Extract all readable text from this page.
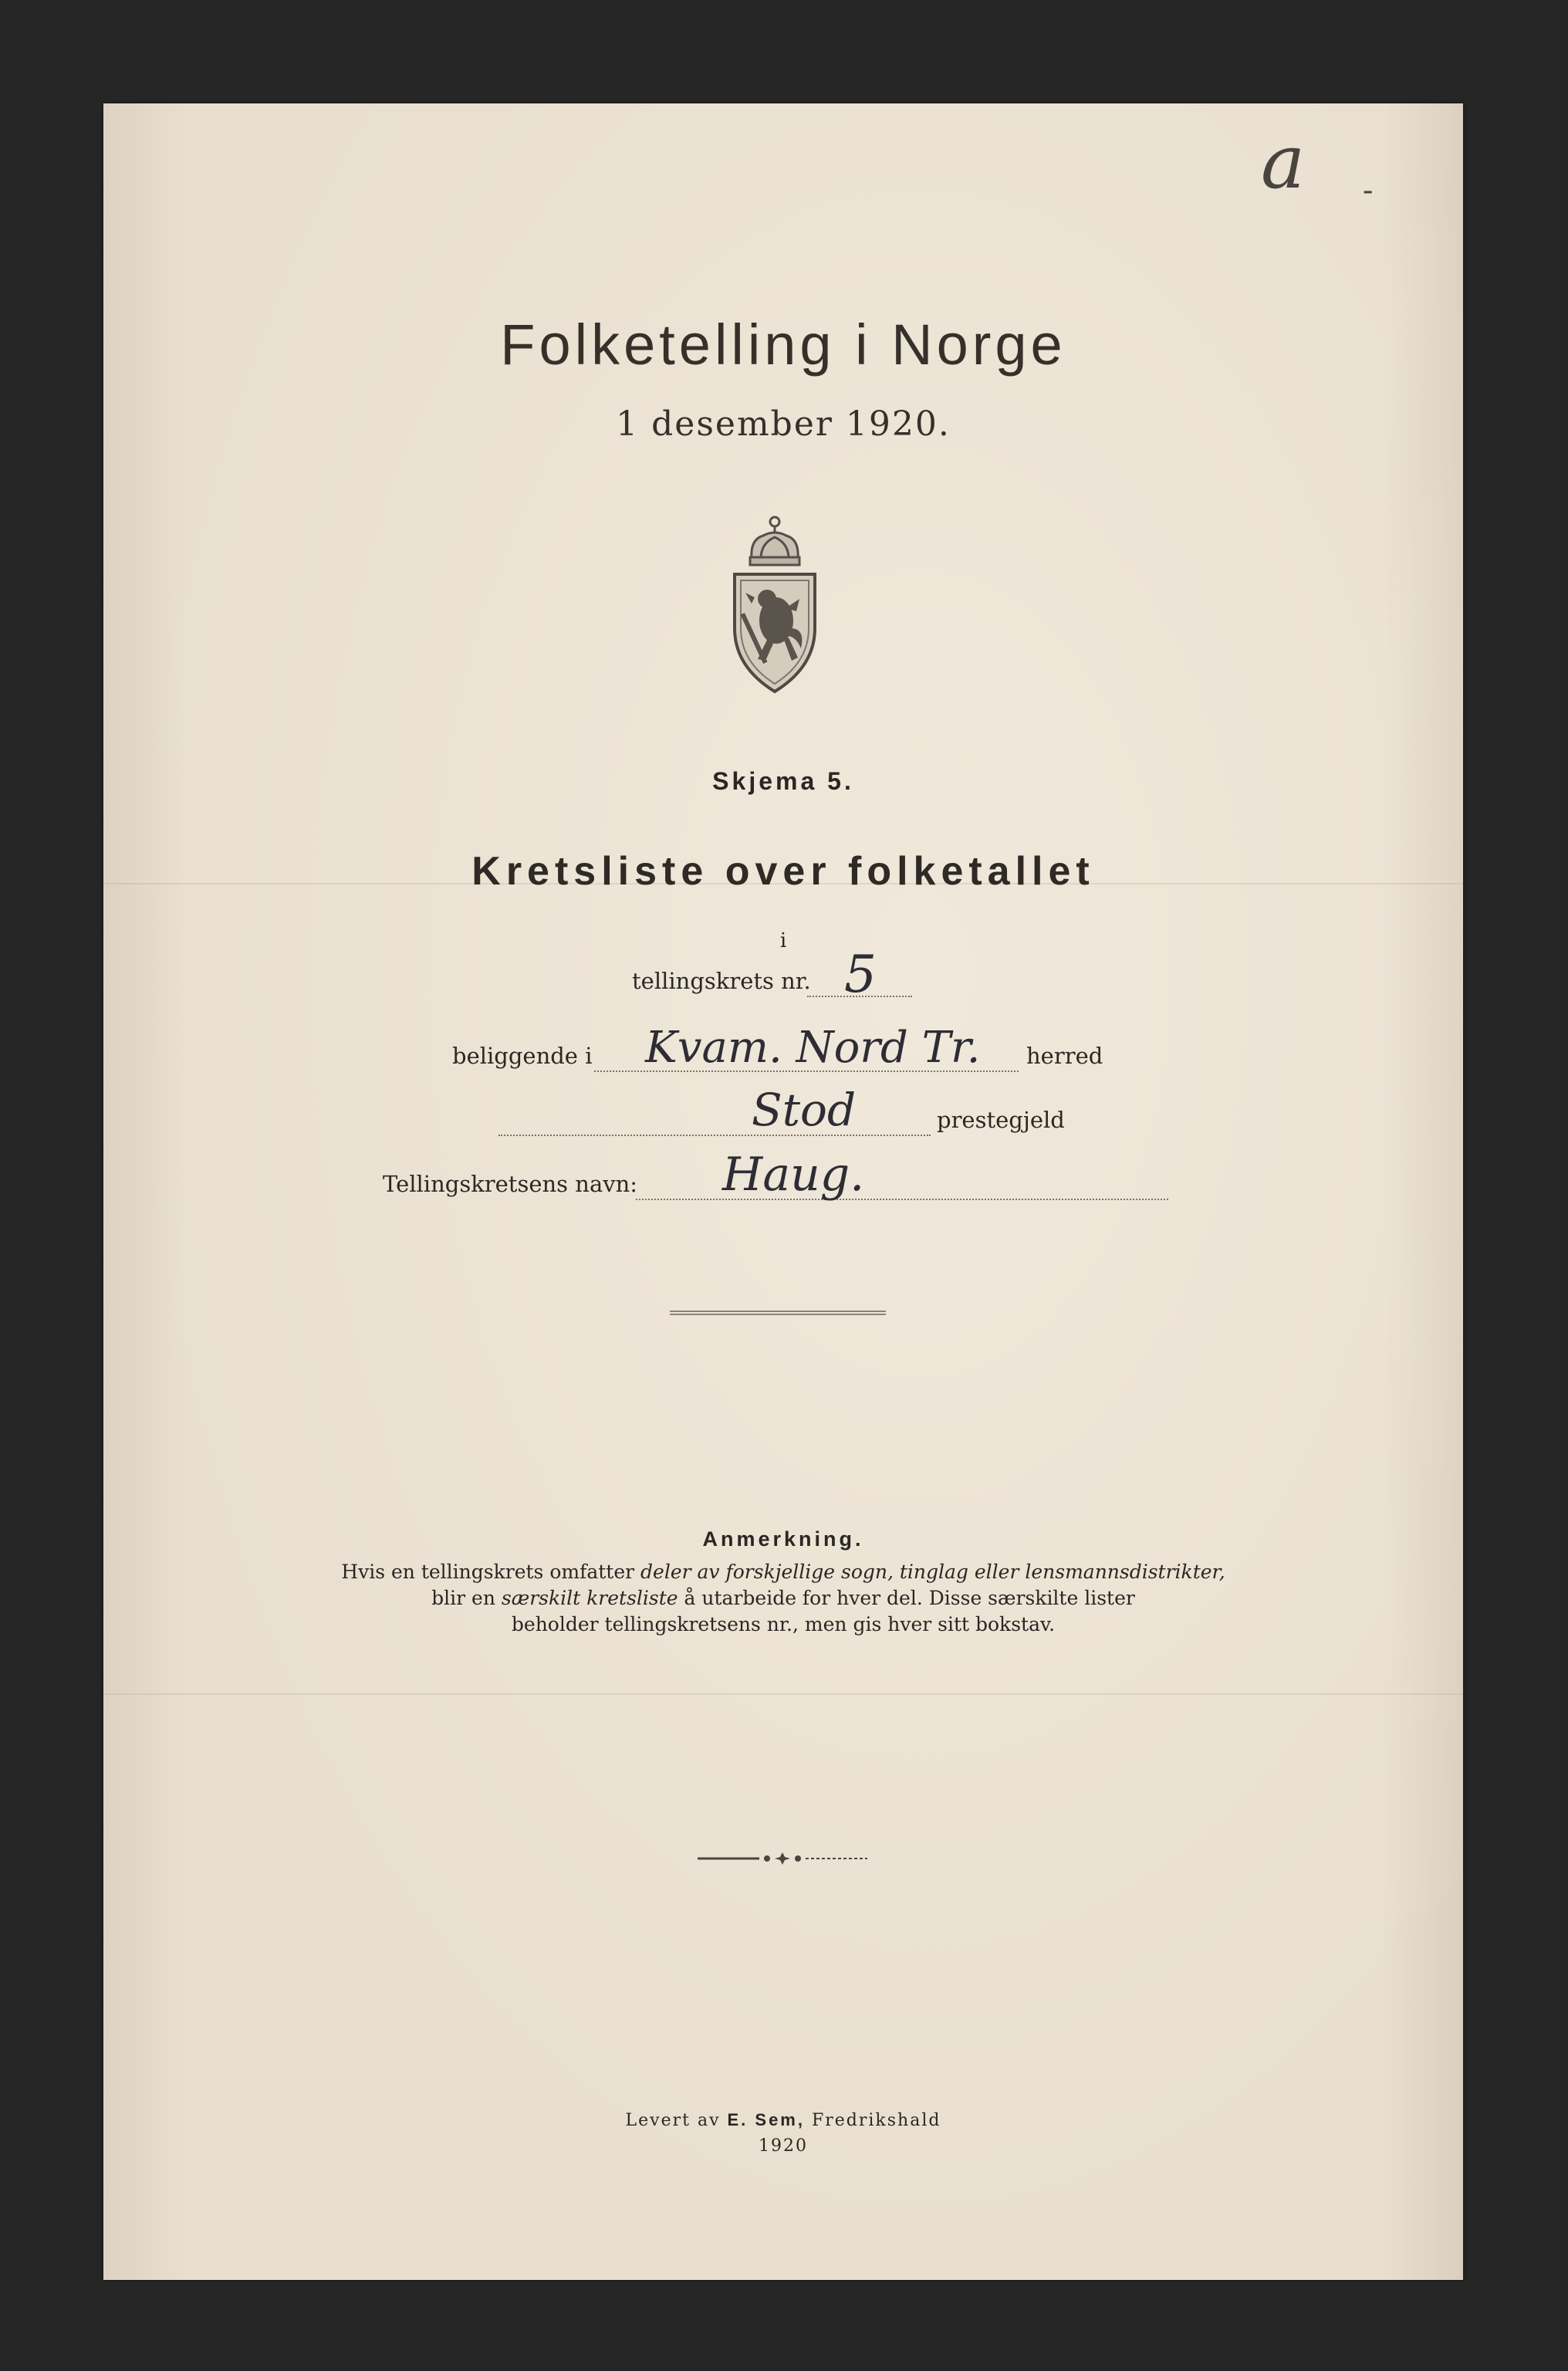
a -
Folketelling i Norge
1 desember 1920.
Skjema 5.
Kretsliste over folketallet
i
tellingskrets nr. 5
beliggende i Kvam. Nord Tr. herred
Stod	prestegjeld
Tellingskretsens navn: Haug.
Anmerkning.
Hvis en tellingskrets omfatter deler av forskjellige sogn, tinglag eller lensmannsdistrikter,
blir en særskilt kretsliste å utarbeide for hver del. Disse særskilte lister
beholder tellingskretsens nr., men gis hver sitt bokstav.
Levert av E. Sem, Fredrikshald
1920
